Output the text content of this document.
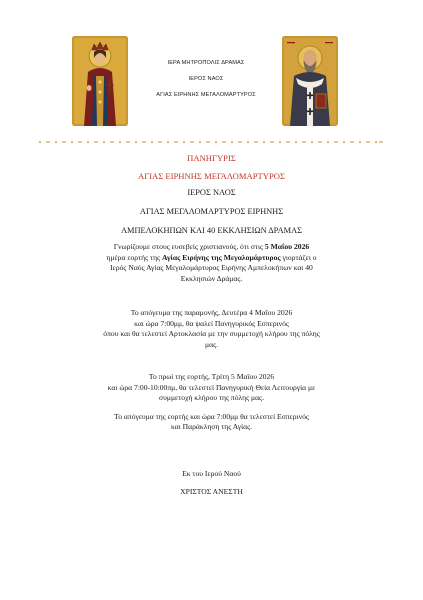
ΙΕΡΑ ΜΗΤΡΟΠΟΛΙΣ ΔΡΑΜΑΣ
ΙΕΡΟΣ ΝΑΟΣ
ΑΓΙΑΣ ΕΙΡΗΝΗΣ ΜΕΓΑΛΟΜΑΡΤΥΡΟΣ
ΠΑΝΗΓΥΡΙΣ
ΑΓΙΑΣ ΕΙΡΗΝΗΣ ΜΕΓΑΛΟΜΑΡΤΥΡΟΣ
ΙΕΡΟΣ ΝΑΟΣ
ΑΓΙΑΣ ΜΕΓΑΛΟΜΑΡΤΥΡΟΣ ΕΙΡΗΝΗΣ
ΑΜΠΕΛΟΚΗΠΩΝ ΚΑΙ 40 ΕΚΚΛΗΣΙΩΝ ΔΡΑΜΑΣ
Γνωρίζουμε στους ευσεβείς χριστιανούς, ότι στις 5 Μαΐου 2026
ημέρα εορτής της Αγίας Ειρήνης της Μεγαλομάρτυρος γιορτάζει ο
Ιερός Ναός Αγίας Μεγαλομάρτυρος Ειρήνης Αμπελοκήπων και 40
Εκκλησιών Δράμας.
Το απόγευμα της παραμονής, Δευτέρα 4 Μαΐου 2026
και ώρα 7:00μμ, θα ψαλεί Πανηγυρικός Εσπερινός
όπου και θα τελεστεί Αρτοκλασία με την συμμετοχή κλήρου της πόλης
μας.
Το πρωί της εορτής, Τρίτη 5 Μαΐου 2026
και ώρα 7:00-10:00πμ, θα τελεστεί Πανηγυρική Θεία Λειτουργία με
συμμετοχή κλήρου της πόλης μας.
Το απόγευμα της εορτής και ώρα 7:00μμ θα τελεστεί Εσπερινός
και Παράκληση της Αγίας.
Εκ του Ιερού Ναού
ΧΡΙΣΤΟΣ ΑΝΕΣΤΗ
